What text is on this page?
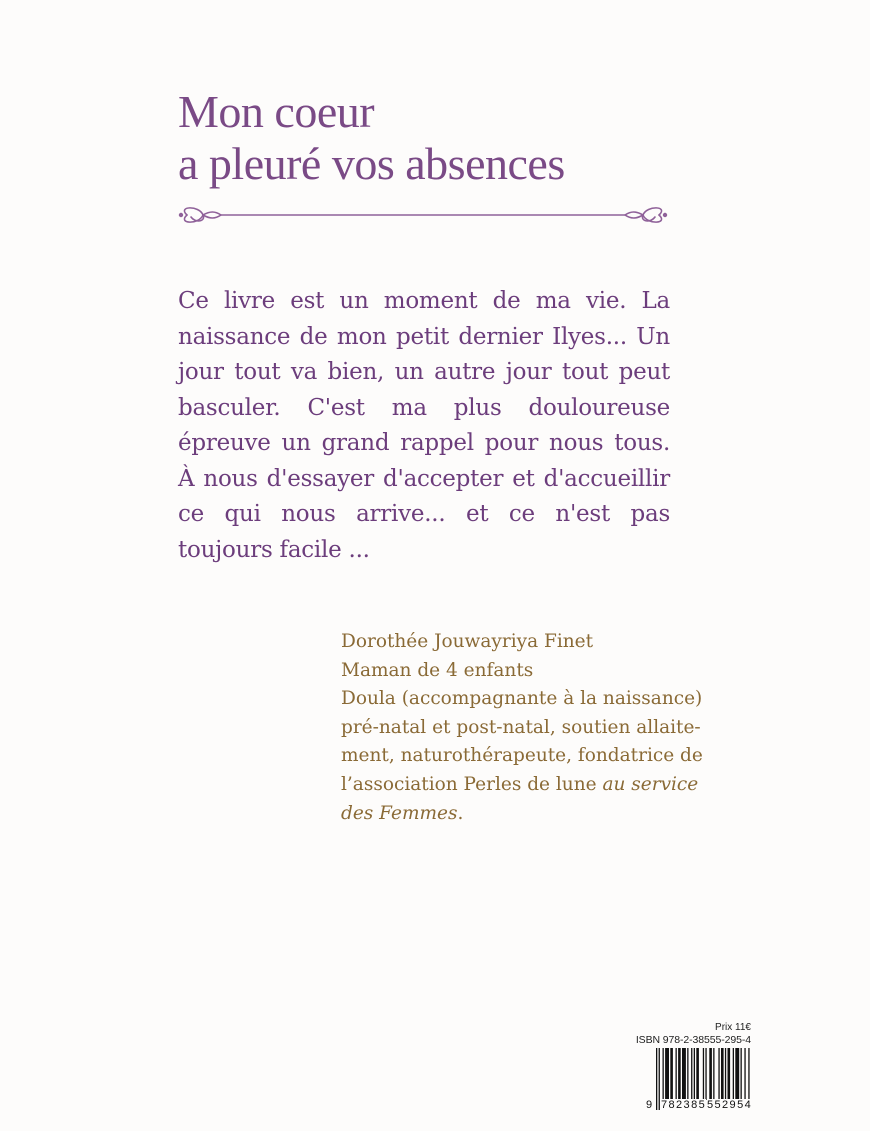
Mon coeur
a pleuré vos absences

Ce livre est un moment de ma vie. La naissance de mon petit dernier Ilyes... Un jour tout va bien, un autre jour tout peut basculer. C'est ma plus douloureuse épreuve un grand rappel pour nous tous. À nous d'essayer d'accepter et d'accueillir ce qui nous arrive... et ce n'est pas toujours facile ...

Dorothée Jouwayriya Finet
Maman de 4 enfants
Doula (accompagnante à la naissance)
pré-natal et post-natal, soutien allaite-
ment, naturothérapeute, fondatrice de
l’association Perles de lune au service
des Femmes.
Prix 11€
ISBN 978-2-38555-295-4
9 782385 552954
